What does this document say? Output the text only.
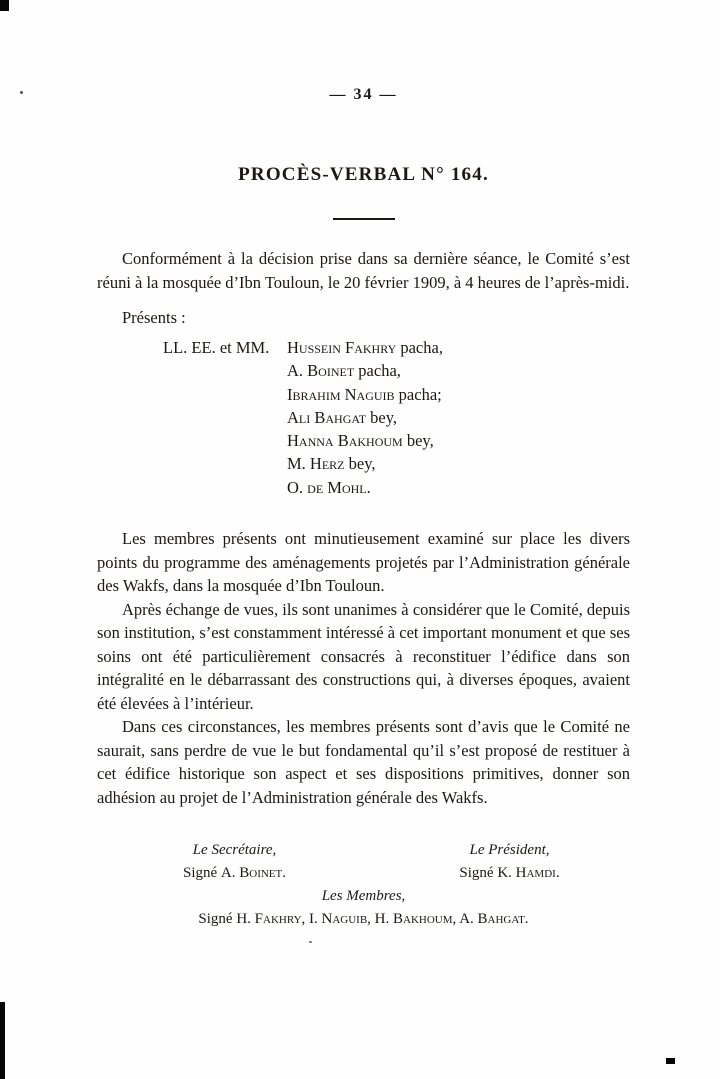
— 34 —
PROCÈS-VERBAL N° 164.

Conformément à la décision prise dans sa dernière séance, le Comité s’est réuni à la mosquée d’Ibn Touloun, le 20 février 1909, à 4 heures de l’après-midi.

Présents :
LL. EE. et MM. Hussein Fakhry pacha,
A. Boinet pacha,
Ibrahim Naguib pacha;
Ali Bahgat bey,
Hanna Bakhoum bey,
M. Herz bey,
O. de Mohl.

Les membres présents ont minutieusement examiné sur place les divers points du programme des aménagements projetés par l’Administration générale des Wakfs, dans la mosquée d’Ibn Touloun.

Après échange de vues, ils sont unanimes à considérer que le Comité, depuis son institution, s’est constamment intéressé à cet important monument et que ses soins ont été particulièrement consacrés à reconstituer l’édifice dans son intégralité en le débarrassant des constructions qui, à diverses époques, avaient été élevées à l’intérieur.

Dans ces circonstances, les membres présents sont d’avis que le Comité ne saurait, sans perdre de vue le but fondamental qu’il s’est proposé de restituer à cet édifice historique son aspect et ses dispositions primitives, donner son adhésion au projet de l’Administration générale des Wakfs.

Le Secrétaire,	Le Président,
Signé A. Boinet.	Signé K. Hamdi.
Les Membres,
Signé H. Fakhry, I. Naguib, H. Bakhoum, A. Bahgat.
